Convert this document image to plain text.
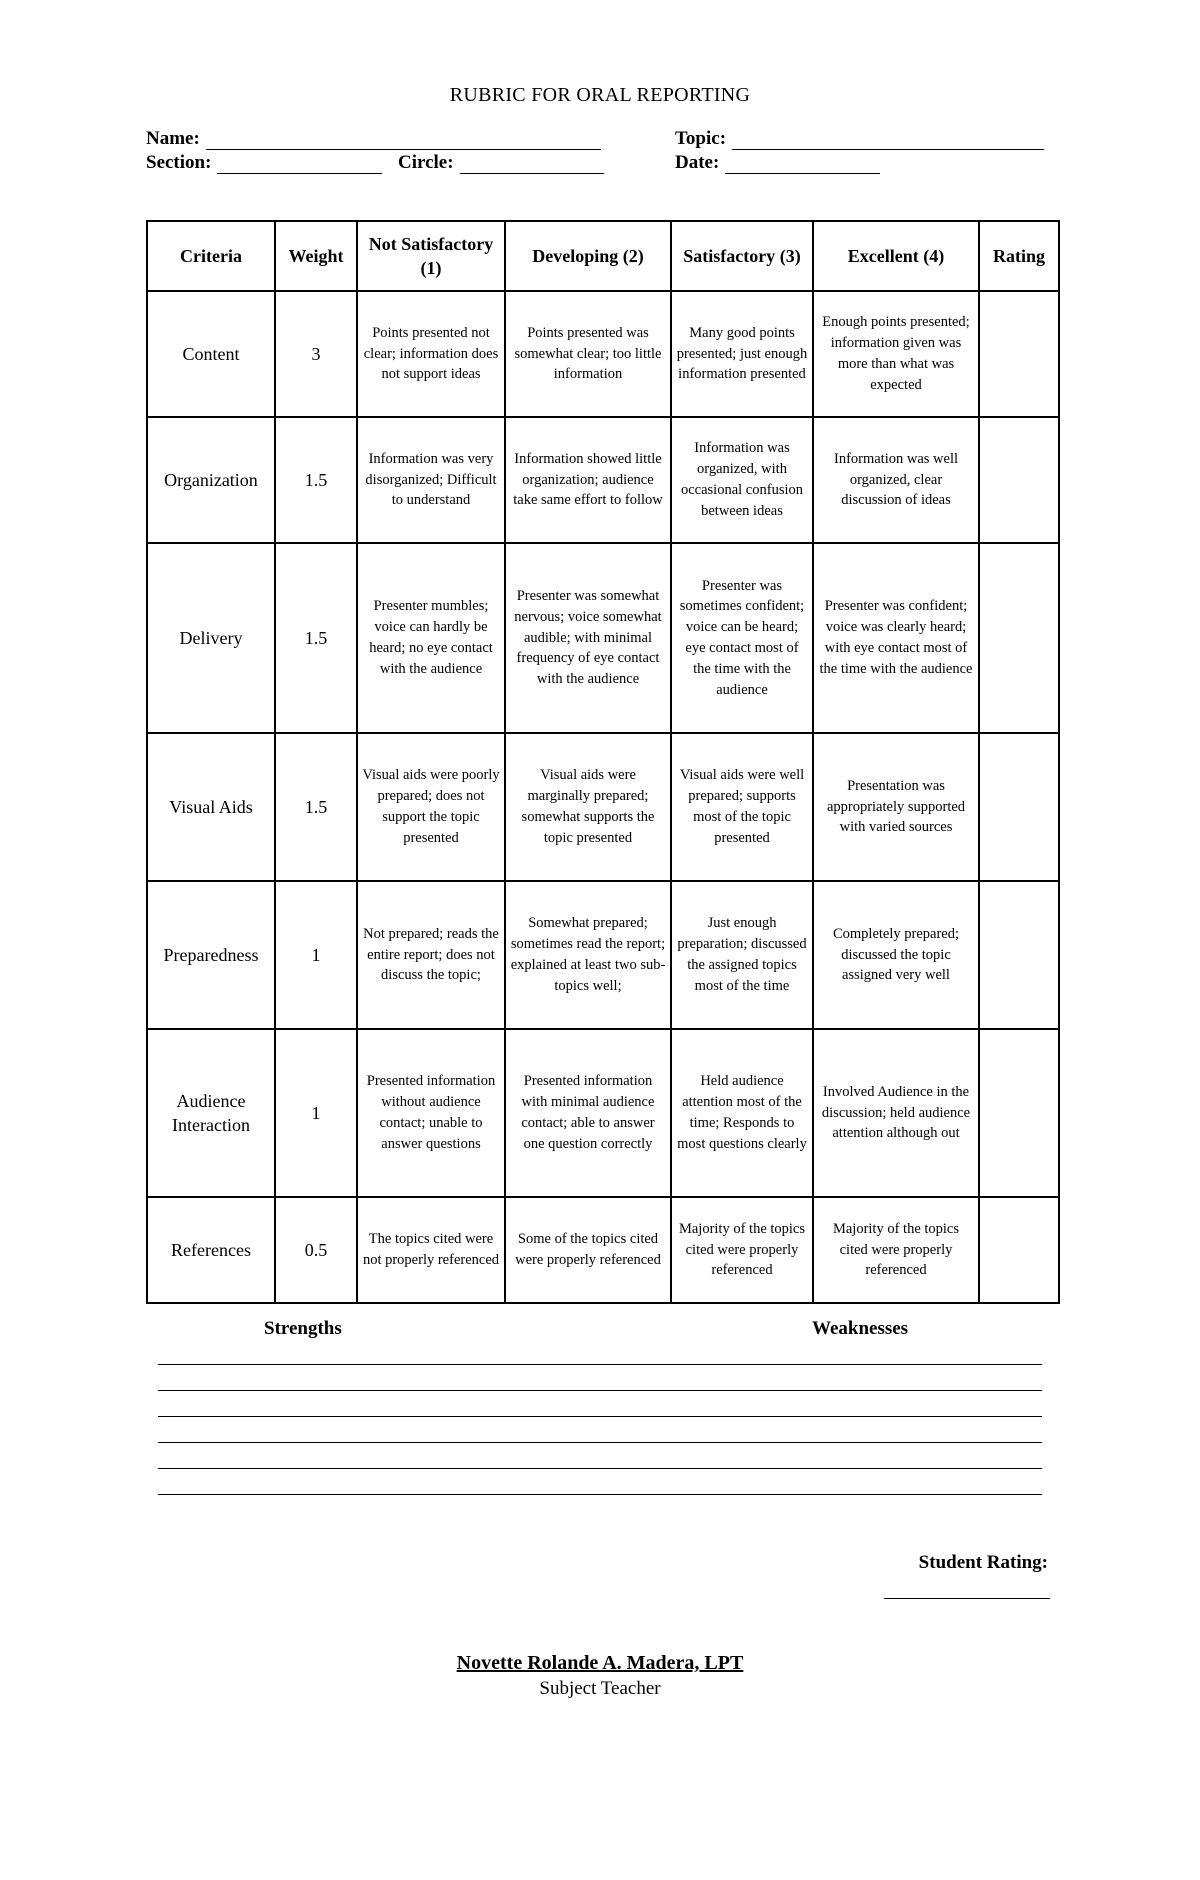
RUBRIC FOR ORAL REPORTING
Name:	Topic:
Section:	Circle:	Date:
Criteria	Weight	Not Satisfactory (1)	Developing (2)	Satisfactory (3)	Excellent (4)	Rating
Content	3	Points presented not clear; information does not support ideas	Points presented was somewhat clear; too little information	Many good points presented; just enough information presented	Enough points presented; information given was more than what was expected	
Organization	1.5	Information was very disorganized; Difficult to understand	Information showed little organization; audience take same effort to follow	Information was organized, with occasional confusion between ideas	Information was well organized, clear discussion of ideas	
Delivery	1.5	Presenter mumbles; voice can hardly be heard; no eye contact with the audience	Presenter was somewhat nervous; voice somewhat audible; with minimal frequency of eye contact with the audience	Presenter was sometimes confident; voice can be heard; eye contact most of the time with the audience	Presenter was confident; voice was clearly heard; with eye contact most of the time with the audience	
Visual Aids	1.5	Visual aids were poorly prepared; does not support the topic presented	Visual aids were marginally prepared; somewhat supports the topic presented	Visual aids were well prepared; supports most of the topic presented	Presentation was appropriately supported with varied sources	
Preparedness	1	Not prepared; reads the entire report; does not discuss the topic;	Somewhat prepared; sometimes read the report; explained at least two sub-topics well;	Just enough preparation; discussed the assigned topics most of the time	Completely prepared; discussed the topic assigned very well	
Audience Interaction	1	Presented information without audience contact; unable to answer questions	Presented information with minimal audience contact; able to answer one question correctly	Held audience attention most of the time; Responds to most questions clearly	Involved Audience in the discussion; held audience attention although out	
References	0.5	The topics cited were not properly referenced	Some of the topics cited were properly referenced	Majority of the topics cited were properly referenced	Majority of the topics cited were properly referenced	
Strengths	Weaknesses
Student Rating:
Novette Rolande A. Madera, LPT
Subject Teacher
